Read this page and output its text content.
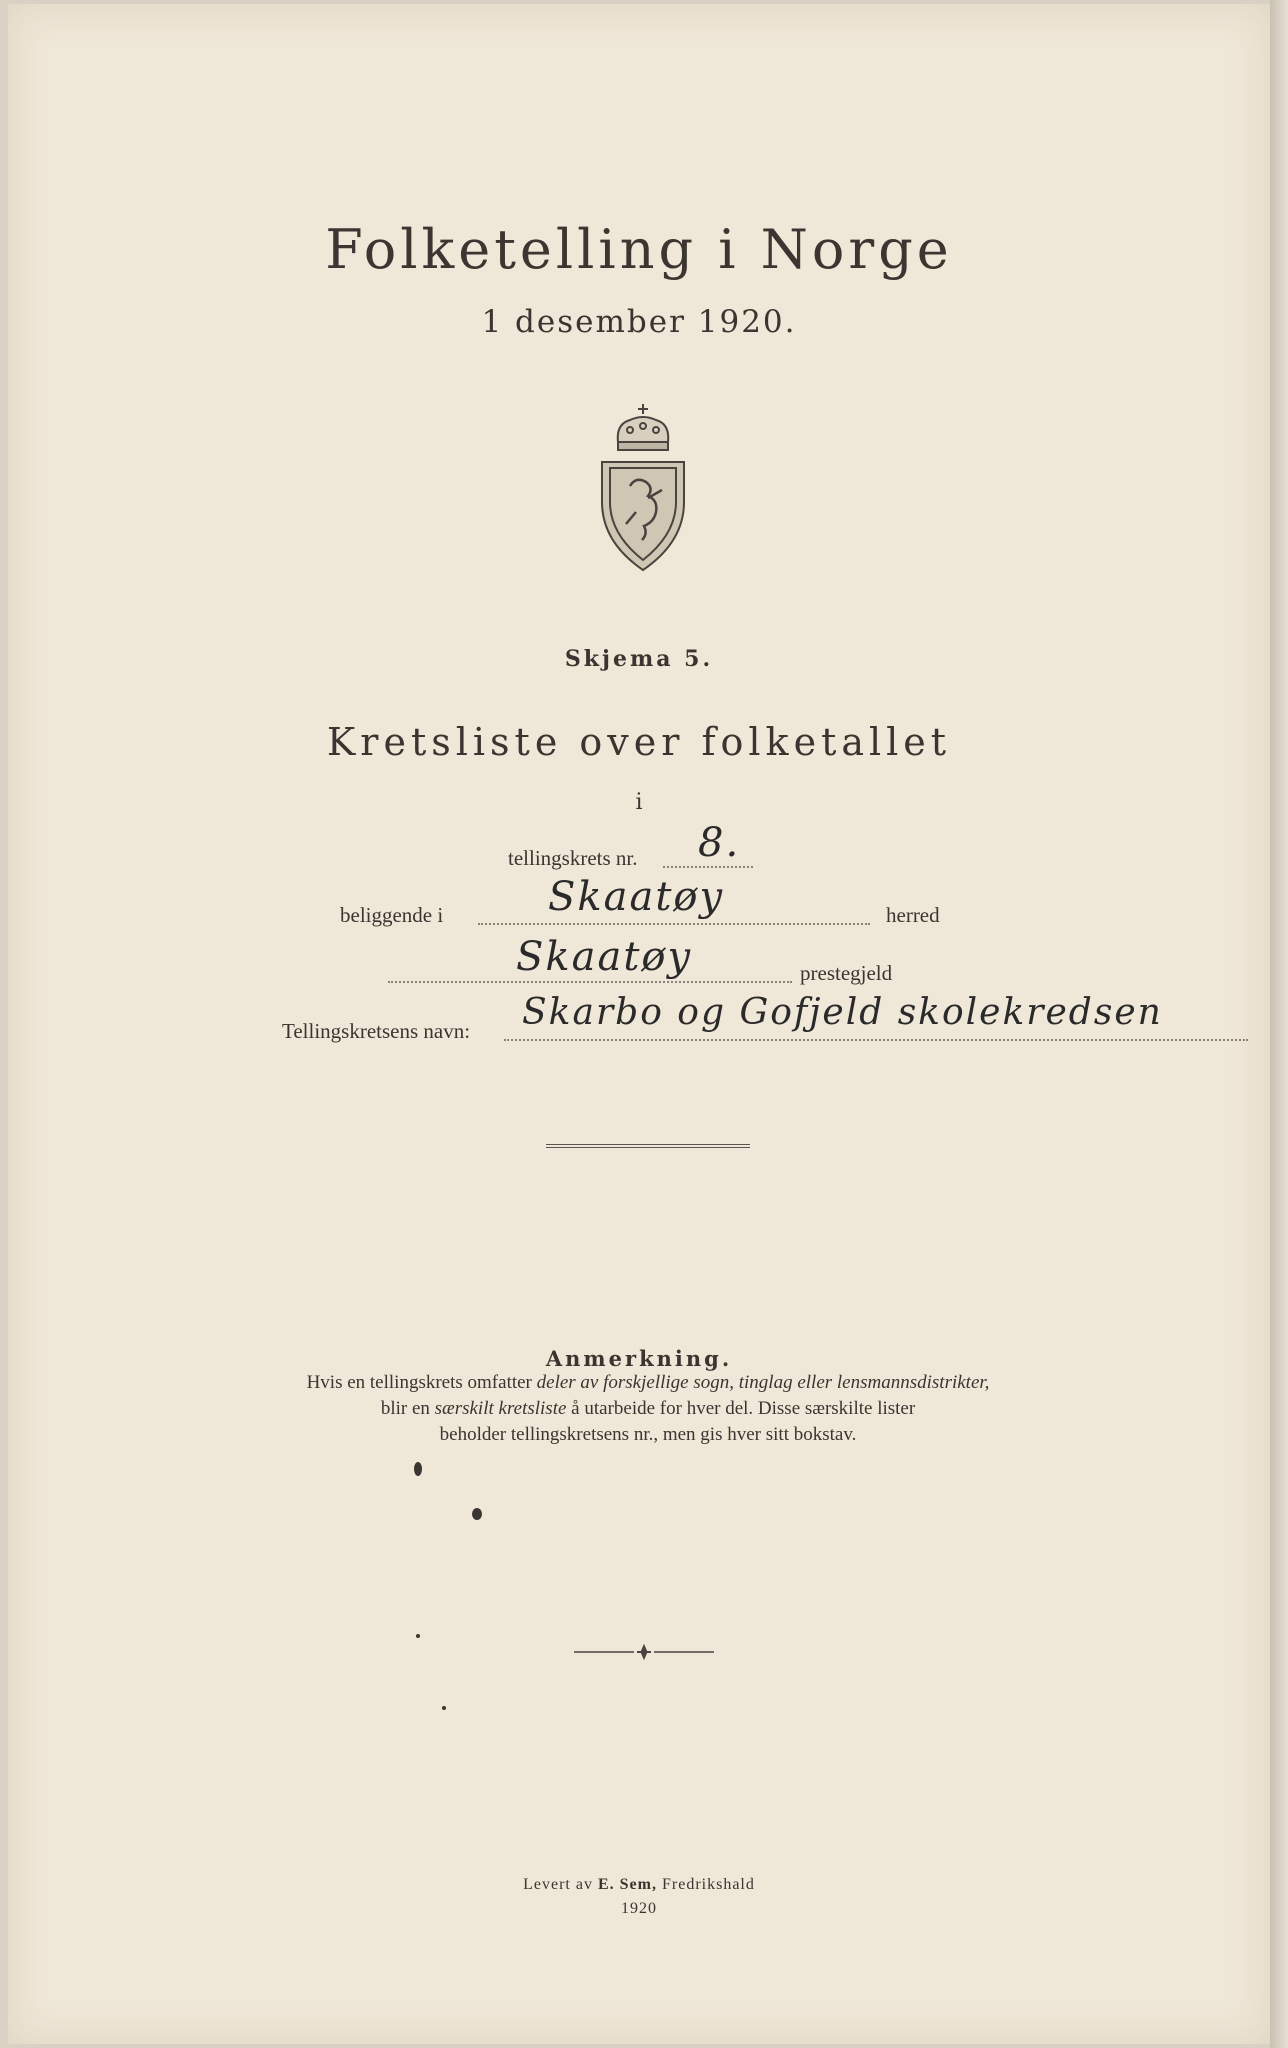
Folketelling i Norge
1 desember 1920.
Skjema 5.
Kretsliste over folketallet
i
tellingskrets nr. 8.
beliggende i	Skaatøy	herred
Skaatøy	prestegjeld
Tellingskretsens navn: Skarbo og Gofjeld skolekredsen
Anmerkning.
Hvis en tellingskrets omfatter deler av forskjellige sogn, tinglag eller lensmannsdistrikter,
blir en særskilt kretsliste å utarbeide for hver del. Disse særskilte lister
beholder tellingskretsens nr., men gis hver sitt bokstav.
Levert av E. Sem, Fredrikshald
1920
